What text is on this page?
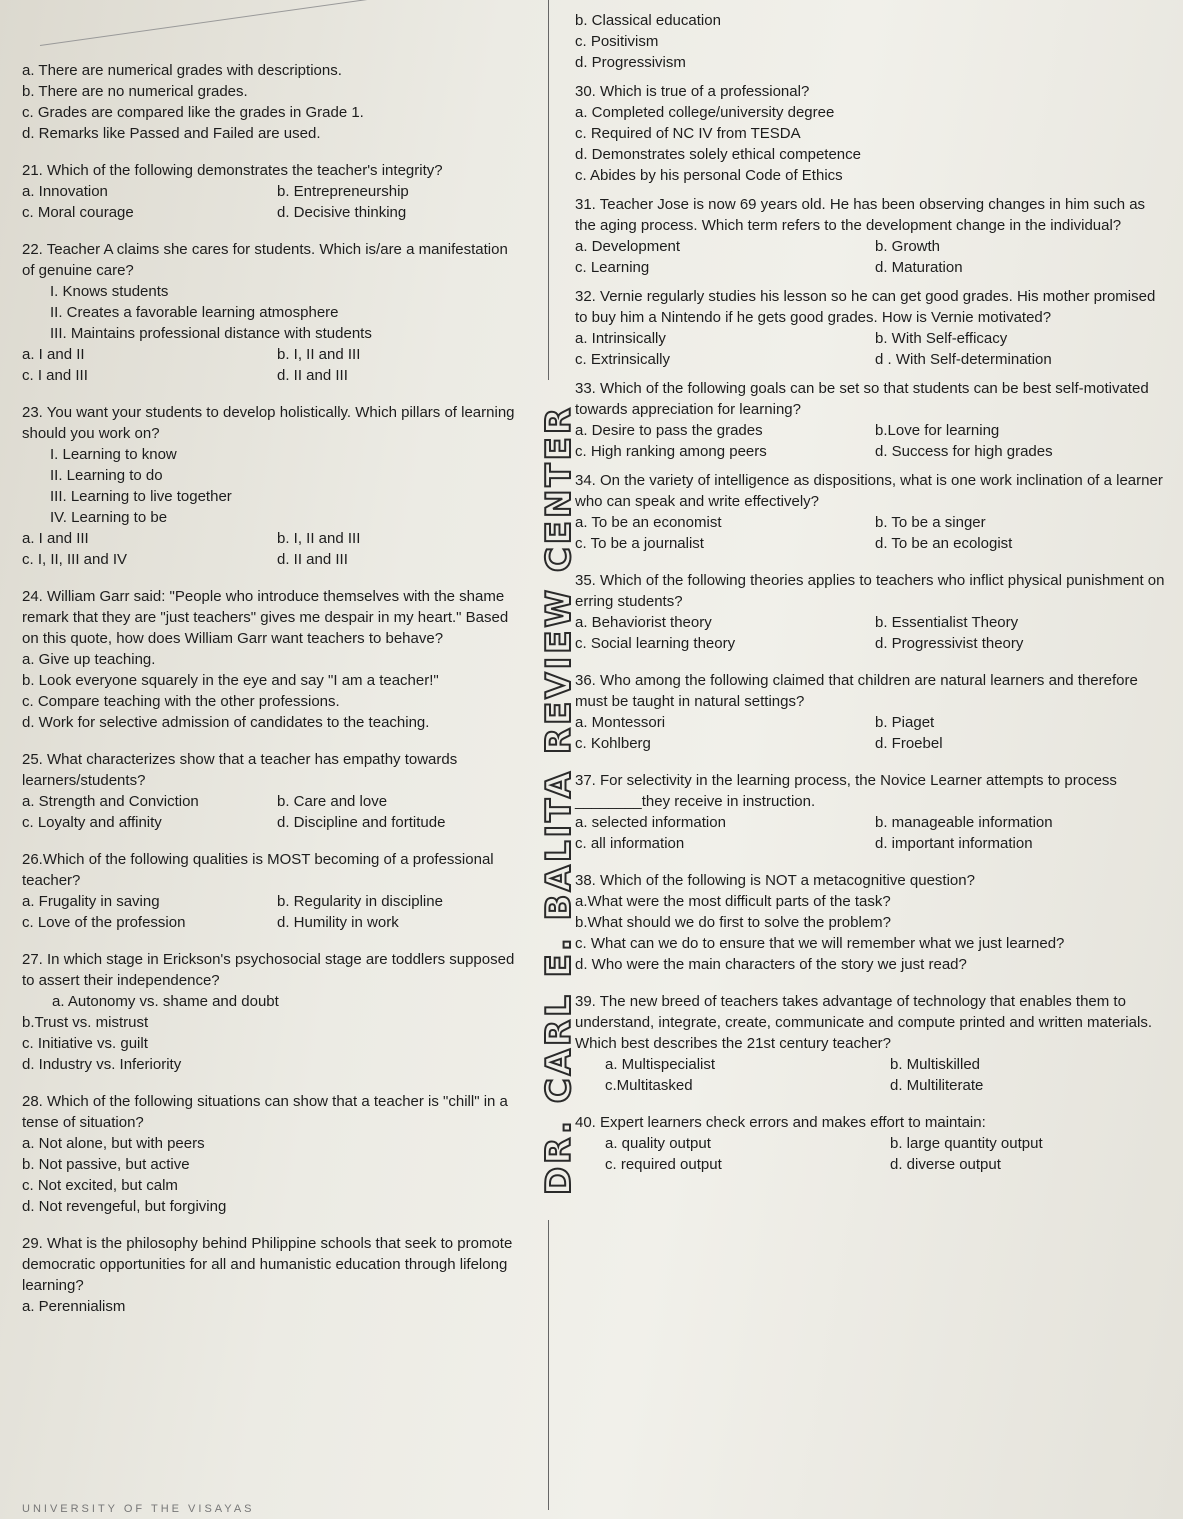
a. There are numerical grades with descriptions.
b. There are no numerical grades.
c. Grades are compared like the grades in Grade 1.
d. Remarks like Passed and Failed are used.

21. Which of the following demonstrates the teacher's integrity?

a. Innovation	b. Entrepreneurship
c. Moral courage	d. Decisive thinking

22. Teacher A claims she cares for students. Which is/are a manifestation of genuine care?

I. Knows students
II. Creates a favorable learning atmosphere
III. Maintains professional distance with students
a. I and II	b. I, II and III
c. I and III	d. II and III

23. You want your students to develop holistically. Which pillars of learning should you work on?

I. Learning to know
II. Learning to do
III. Learning to live together
IV. Learning to be
a. I and III	b. I, II and III
c. I, II, III and IV	d. II and III

24. William Garr said: "People who introduce themselves with the shame remark that they are "just teachers" gives me despair in my heart." Based on this quote, how does William Garr want teachers to behave?

a. Give up teaching.
b. Look everyone squarely in the eye and say "I am a teacher!"
c. Compare teaching with the other professions.
d. Work for selective admission of candidates to the teaching.

25. What characterizes show that a teacher has empathy towards learners/students?

a. Strength and Conviction	b. Care and love
c. Loyalty and affinity	d. Discipline and fortitude

26.Which of the following qualities is MOST becoming of a professional teacher?

a. Frugality in saving	b. Regularity in discipline
c. Love of the profession	d. Humility in work

27. In which stage in Erickson's psychosocial stage are toddlers supposed to assert their independence?

a. Autonomy vs. shame and doubt
b.Trust vs. mistrust
c. Initiative vs. guilt
d. Industry vs. Inferiority

28. Which of the following situations can show that a teacher is "chill" in a tense of situation?

a. Not alone, but with peers
b. Not passive, but active
c. Not excited, but calm
d. Not revengeful, but forgiving

29. What is the philosophy behind Philippine schools that seek to promote democratic opportunities for all and humanistic education through lifelong learning?

a. Perennialism
DR. CARL E. BALITA REVIEW CENTER
b. Classical education
c. Positivism
d. Progressivism

30. Which is true of a professional?

a. Completed college/university degree
c. Required of NC IV from TESDA
d. Demonstrates solely ethical competence
c. Abides by his personal Code of Ethics

31. Teacher Jose is now 69 years old. He has been observing changes in him such as the aging process. Which term refers to the development change in the individual?

a. Development	b. Growth
c. Learning	d. Maturation

32. Vernie regularly studies his lesson so he can get good grades. His mother promised to buy him a Nintendo if he gets good grades. How is Vernie motivated?

a. Intrinsically	b. With Self-efficacy
c. Extrinsically	d . With Self-determination

33. Which of the following goals can be set so that students can be best self-motivated towards appreciation for learning?

a. Desire to pass the grades	b.Love for learning
c. High ranking among peers	d. Success for high grades

34. On the variety of intelligence as dispositions, what is one work inclination of a learner who can speak and write effectively?

a. To be an economist	b. To be a singer
c. To be a journalist	d. To be an ecologist

35. Which of the following theories applies to teachers who inflict physical punishment on erring students?

a. Behaviorist theory	b. Essentialist Theory
c. Social learning theory	d. Progressivist theory

36. Who among the following claimed that children are natural learners and therefore must be taught in natural settings?

a. Montessori	b. Piaget
c. Kohlberg	d. Froebel

37. For selectivity in the learning process, the Novice Learner attempts to process ________they receive in instruction.

a. selected information	b. manageable information
c. all information	d. important information

38. Which of the following is NOT a metacognitive question?

a.What were the most difficult parts of the task?
b.What should we do first to solve the problem?
c. What can we do to ensure that we will remember what we just learned?
d. Who were the main characters of the story we just read?

39. The new breed of teachers takes advantage of technology that enables them to understand, integrate, create, communicate and compute printed and written materials. Which best describes the 21st century teacher?

a. Multispecialist	b. Multiskilled
c.Multitasked	d. Multiliterate

40. Expert learners check errors and makes effort to maintain:

a. quality output	b. large quantity output
c. required output	d. diverse output
UNIVERSITY OF THE VISAYAS
